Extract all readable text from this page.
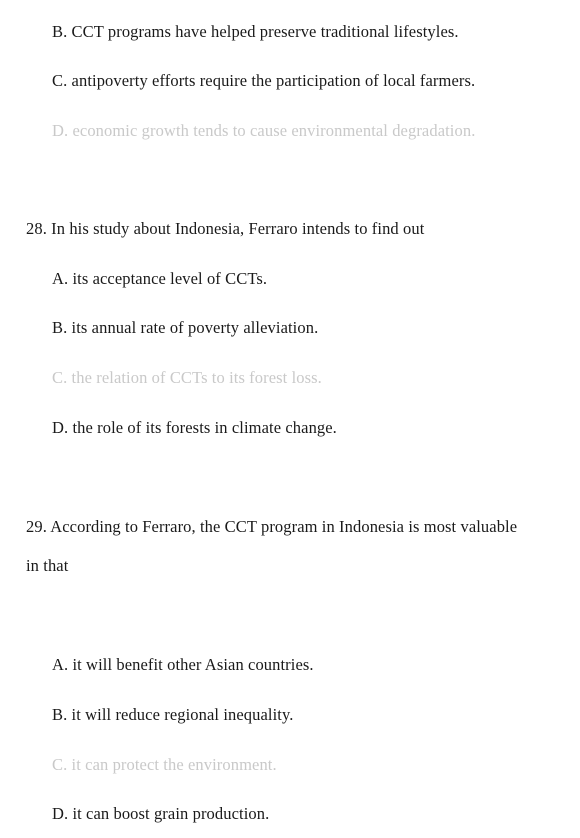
B. CCT programs have helped preserve traditional lifestyles.
C. antipoverty efforts require the participation of local farmers.
D. economic growth tends to cause environmental degradation.
28. In his study about Indonesia, Ferraro intends to find out
A. its acceptance level of CCTs.
B. its annual rate of poverty alleviation.
C. the relation of CCTs to its forest loss.
D. the role of its forests in climate change.
29. According to Ferraro, the CCT program in Indonesia is most valuable
in that
A. it will benefit other Asian countries.
B. it will reduce regional inequality.
C. it can protect the environment.
D. it can boost grain production.
